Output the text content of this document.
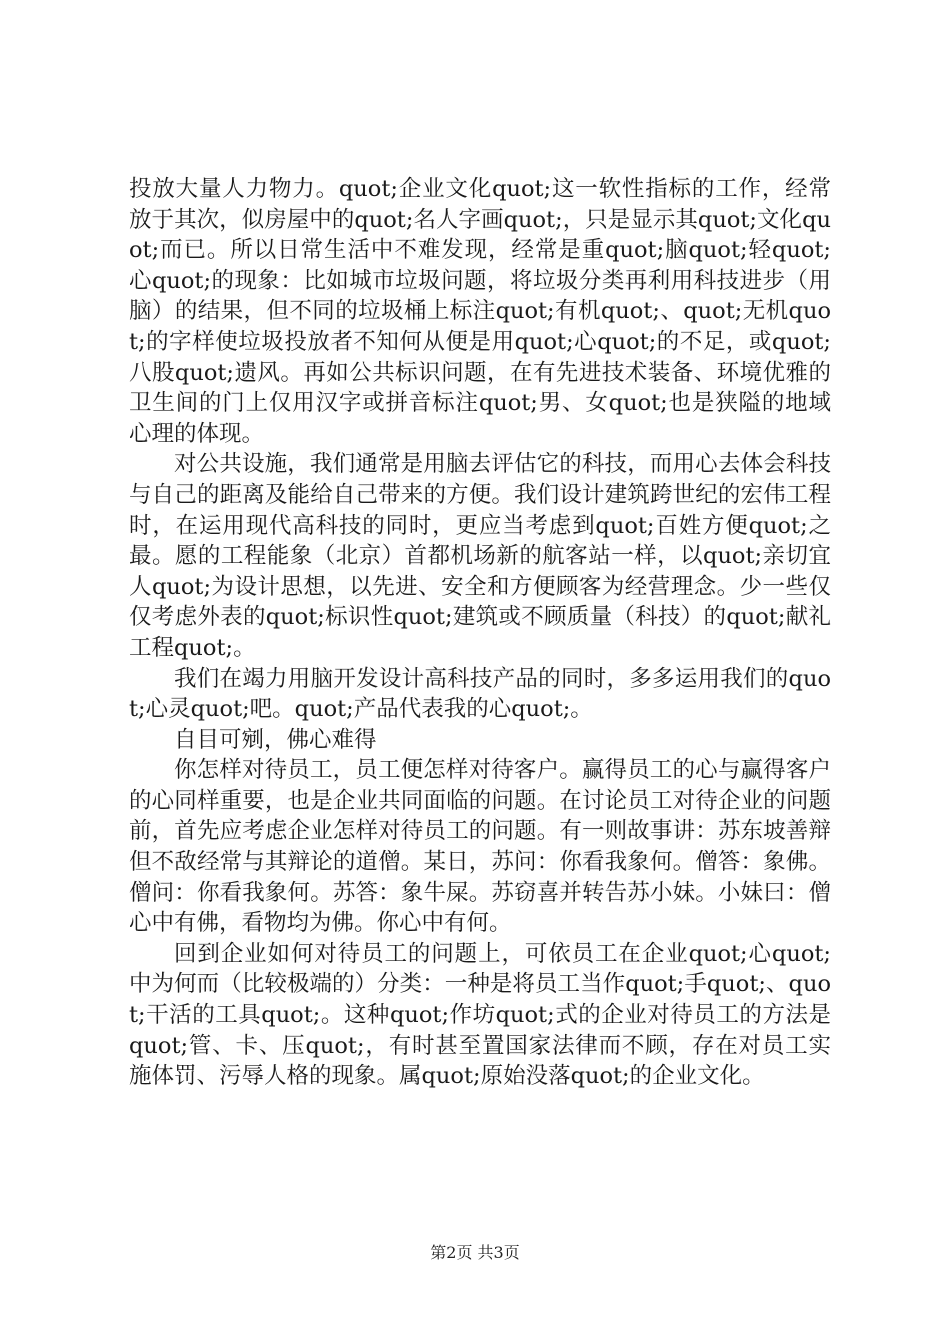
投放大量人力物力。quot;企业文化quot;这一软性指标的工作，经常放于其次，似房屋中的quot;名人字画quot;，只是显示其quot;文化quot;而已。所以日常生活中不难发现，经常是重quot;脑quot;轻quot;心quot;的现象：比如城市垃圾问题，将垃圾分类再利用科技进步（用脑）的结果，但不同的垃圾桶上标注quot;有机quot;、quot;无机quot;的字样使垃圾投放者不知何从便是用quot;心quot;的不足，或quot;八股quot;遗风。再如公共标识问题，在有先进技术装备、环境优雅的卫生间的门上仅用汉字或拼音标注quot;男、女quot;也是狭隘的地域心理的体现。

对公共设施，我们通常是用脑去评估它的科技，而用心去体会科技与自己的距离及能给自己带来的方便。我们设计建筑跨世纪的宏伟工程时，在运用现代高科技的同时，更应当考虑到quot;百姓方便quot;之最。愿的工程能象（北京）首都机场新的航客站一样，以quot;亲切宜人quot;为设计思想，以先进、安全和方便顾客为经营理念。少一些仅仅考虑外表的quot;标识性quot;建筑或不顾质量（科技）的quot;献礼工程quot;。

我们在竭力用脑开发设计高科技产品的同时，多多运用我们的quot;心灵quot;吧。quot;产品代表我的心quot;。

自目可剜，佛心难得

你怎样对待员工，员工便怎样对待客户。赢得员工的心与赢得客户的心同样重要，也是企业共同面临的问题。在讨论员工对待企业的问题前，首先应考虑企业怎样对待员工的问题。有一则故事讲：苏东坡善辩但不敌经常与其辩论的道僧。某日，苏问：你看我象何。僧答：象佛。僧问：你看我象何。苏答：象牛屎。苏窃喜并转告苏小妹。小妹曰：僧心中有佛，看物均为佛。你心中有何。

回到企业如何对待员工的问题上，可依员工在企业quot;心quot;中为何而（比较极端的）分类：一种是将员工当作quot;手quot;、quot;干活的工具quot;。这种quot;作坊quot;式的企业对待员工的方法是quot;管、卡、压quot;，有时甚至置国家法律而不顾，存在对员工实施体罚、污辱人格的现象。属quot;原始没落quot;的企业文化。

第2页 共3页
